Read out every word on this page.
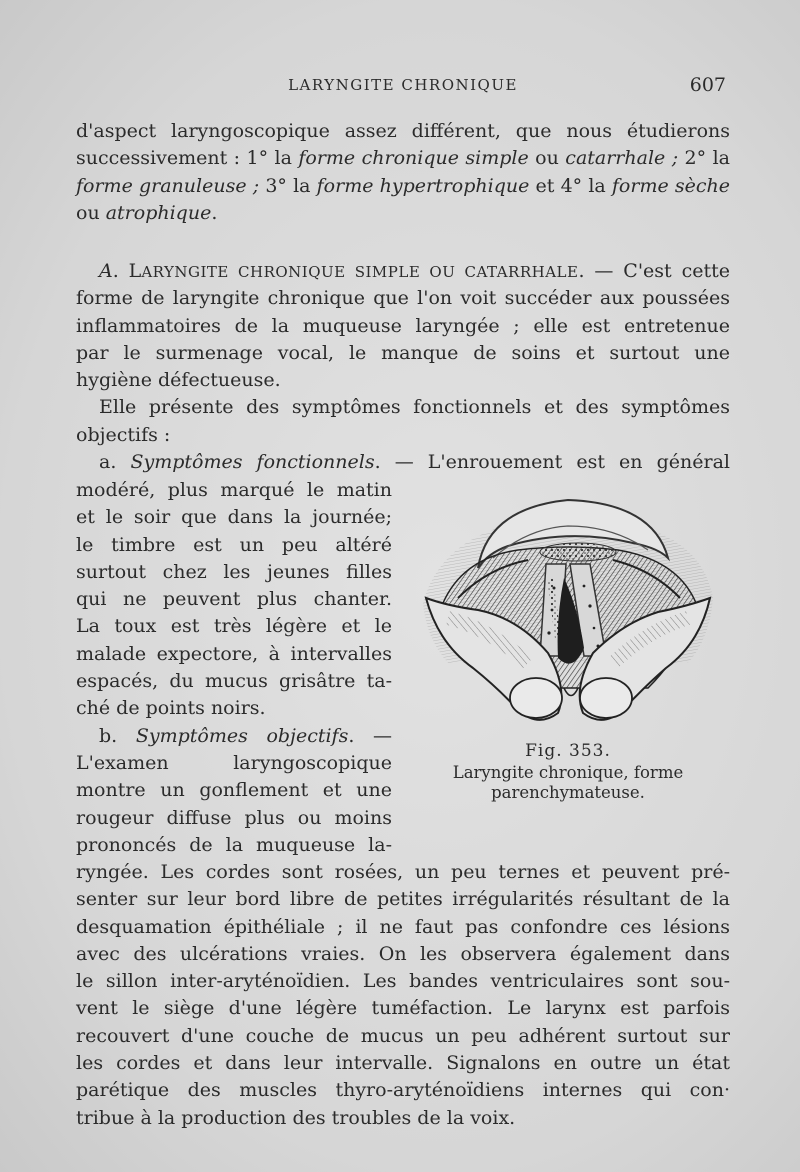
LARYNGITE CHRONIQUE	607
d'aspect laryngoscopique assez différent, que nous étudierons
successivement : 1° la forme chronique simple ou catarrhale ; 2° la
forme granuleuse ; 3° la forme hypertrophique et 4° la forme sèche
ou atrophique.
A. LARYNGITE CHRONIQUE SIMPLE OU CATARRHALE. — C'est cette
forme de laryngite chronique que l'on voit succéder aux poussées
inflammatoires de la muqueuse laryngée ; elle est entretenue
par le surmenage vocal, le manque de soins et surtout une
hygiène défectueuse.
Elle présente des symptômes fonctionnels et des symptômes
objectifs :
a. Symptômes fonctionnels. — L'enrouement est en général
modéré, plus marqué le matin
et le soir que dans la journée;
le timbre est un peu altéré
surtout chez les jeunes filles
qui ne peuvent plus chanter.
La toux est très légère et le
malade expectore, à intervalles
espacés, du mucus grisâtre ta-
ché de points noirs.
b. Symptômes objectifs. —
L'examen laryngoscopique
montre un gonflement et une
rougeur diffuse plus ou moins
prononcés de la muqueuse la-
ryngée. Les cordes sont rosées, un peu ternes et peuvent pré-
senter sur leur bord libre de petites irrégularités résultant de la
desquamation épithéliale ; il ne faut pas confondre ces lésions
avec des ulcérations vraies. On les observera également dans
le sillon inter-aryténoïdien. Les bandes ventriculaires sont sou-
vent le siège d'une légère tuméfaction. Le larynx est parfois
recouvert d'une couche de mucus un peu adhérent surtout sur
les cordes et dans leur intervalle. Signalons en outre un état
parétique des muscles thyro-aryténoïdiens internes qui con·
tribue à la production des troubles de la voix.
Fig. 353.
Laryngite chronique, forme
parenchymateuse.
